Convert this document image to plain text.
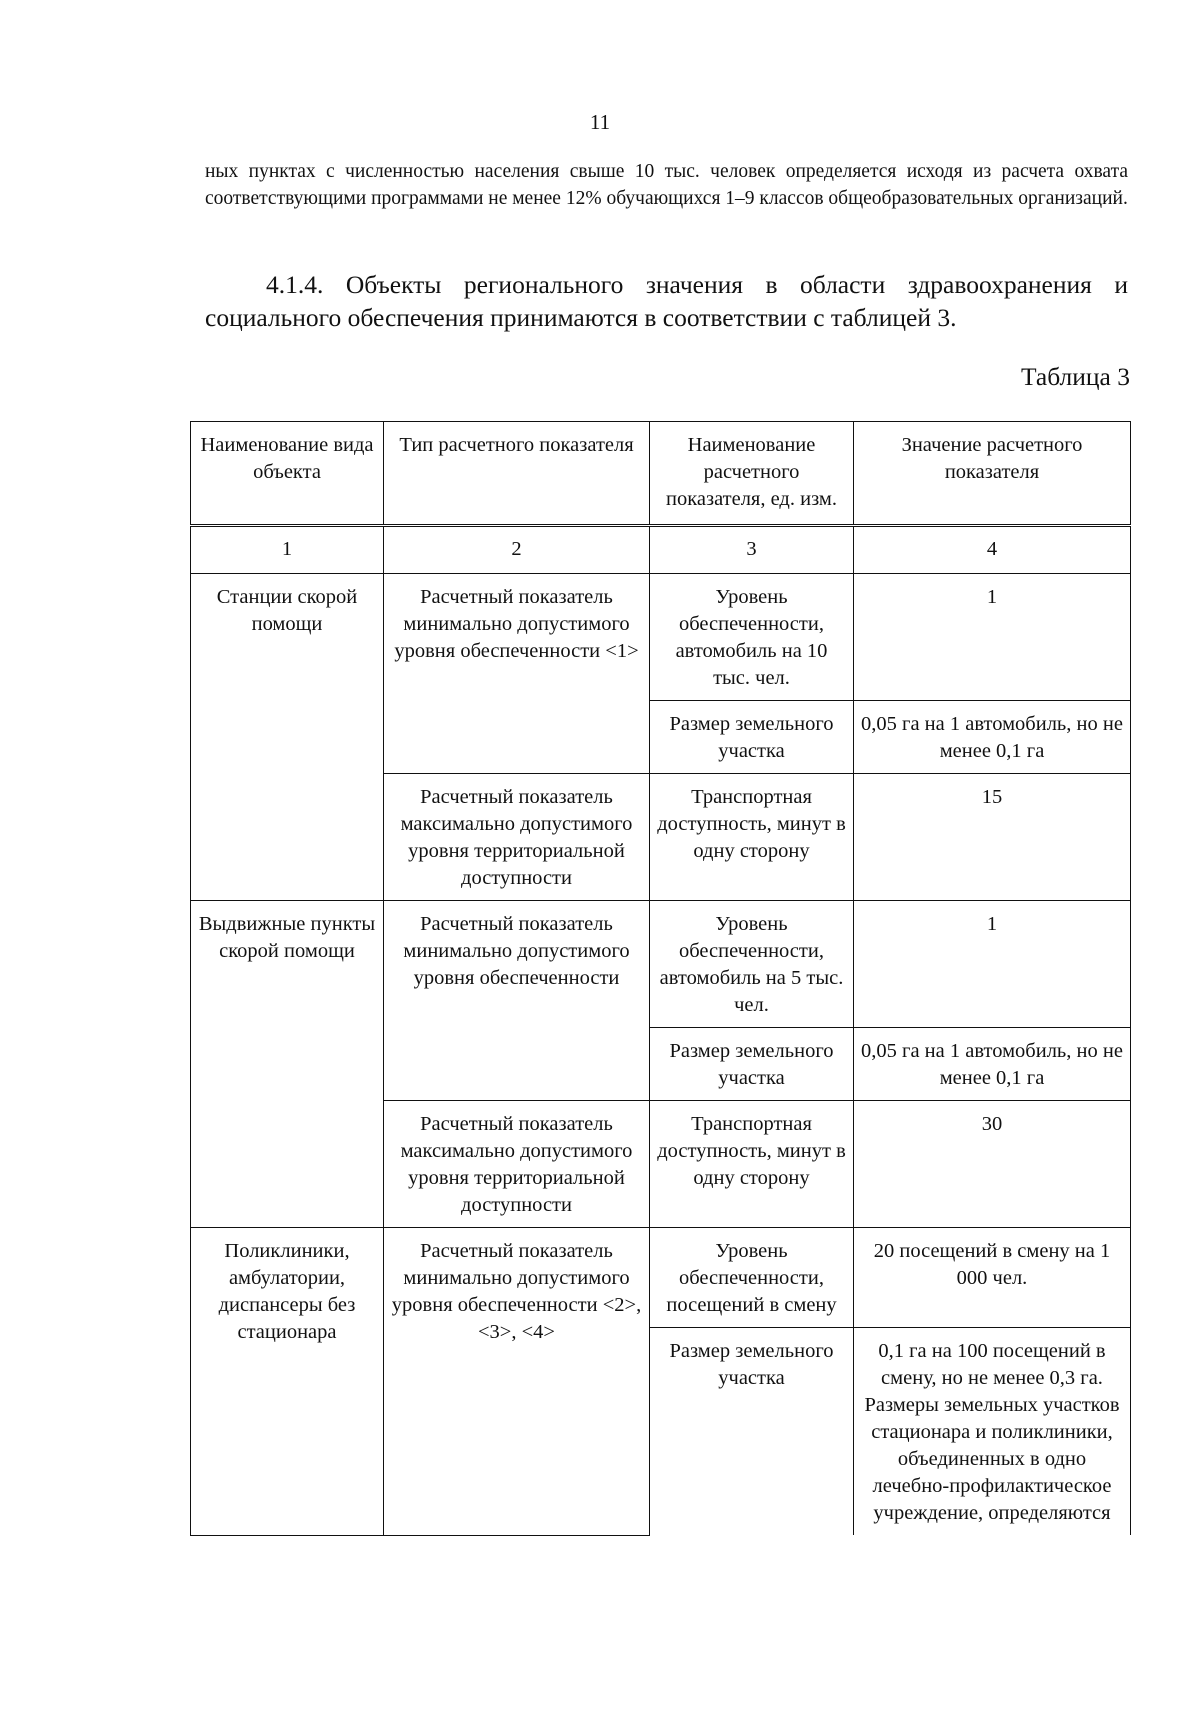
11

ных пунктах с численностью населения свыше 10 тыс. человек определяется исходя из расчета охвата соответствующими программами не менее 12% обучающихся 1–9 классов общеобразовательных организаций.

4.1.4. Объекты регионального значения в области здравоохранения и социального обеспечения принимаются в соответствии с таблицей 3.

Таблица 3
Наименование вида объекта	Тип расчетного показателя	Наименование расчетного показателя, ед. изм.	Значение расчетного показателя
1	2	3	4
Станции скорой помощи	Расчетный показатель минимально допустимого уровня обеспеченности <1>	Уровень обеспеченности, автомобиль на 10 тыс. чел.	1
		Размер земельного участка	0,05 га на 1 автомобиль, но не менее 0,1 га
	Расчетный показатель максимально допустимого уровня территориальной доступности	Транспортная доступность, минут в одну сторону	15
Выдвижные пункты скорой помощи	Расчетный показатель минимально допустимого уровня обеспеченности	Уровень обеспеченности, автомобиль на 5 тыс. чел.	1
		Размер земельного участка	0,05 га на 1 автомобиль, но не менее 0,1 га
	Расчетный показатель максимально допустимого уровня территориальной доступности	Транспортная доступность, минут в одну сторону	30
Поликлиники, амбулатории, диспансеры без стационара	Расчетный показатель минимально допустимого уровня обеспеченности <2>, <3>, <4>	Уровень обеспеченности, посещений в смену	20 посещений в смену на 1 000 чел.
		Размер земельного участка	0,1 га на 100 посещений в смену, но не менее 0,3 га. Размеры земельных участков стационара и поликлиники, объединенных в одно лечебно-профилактическое учреждение, определяются
